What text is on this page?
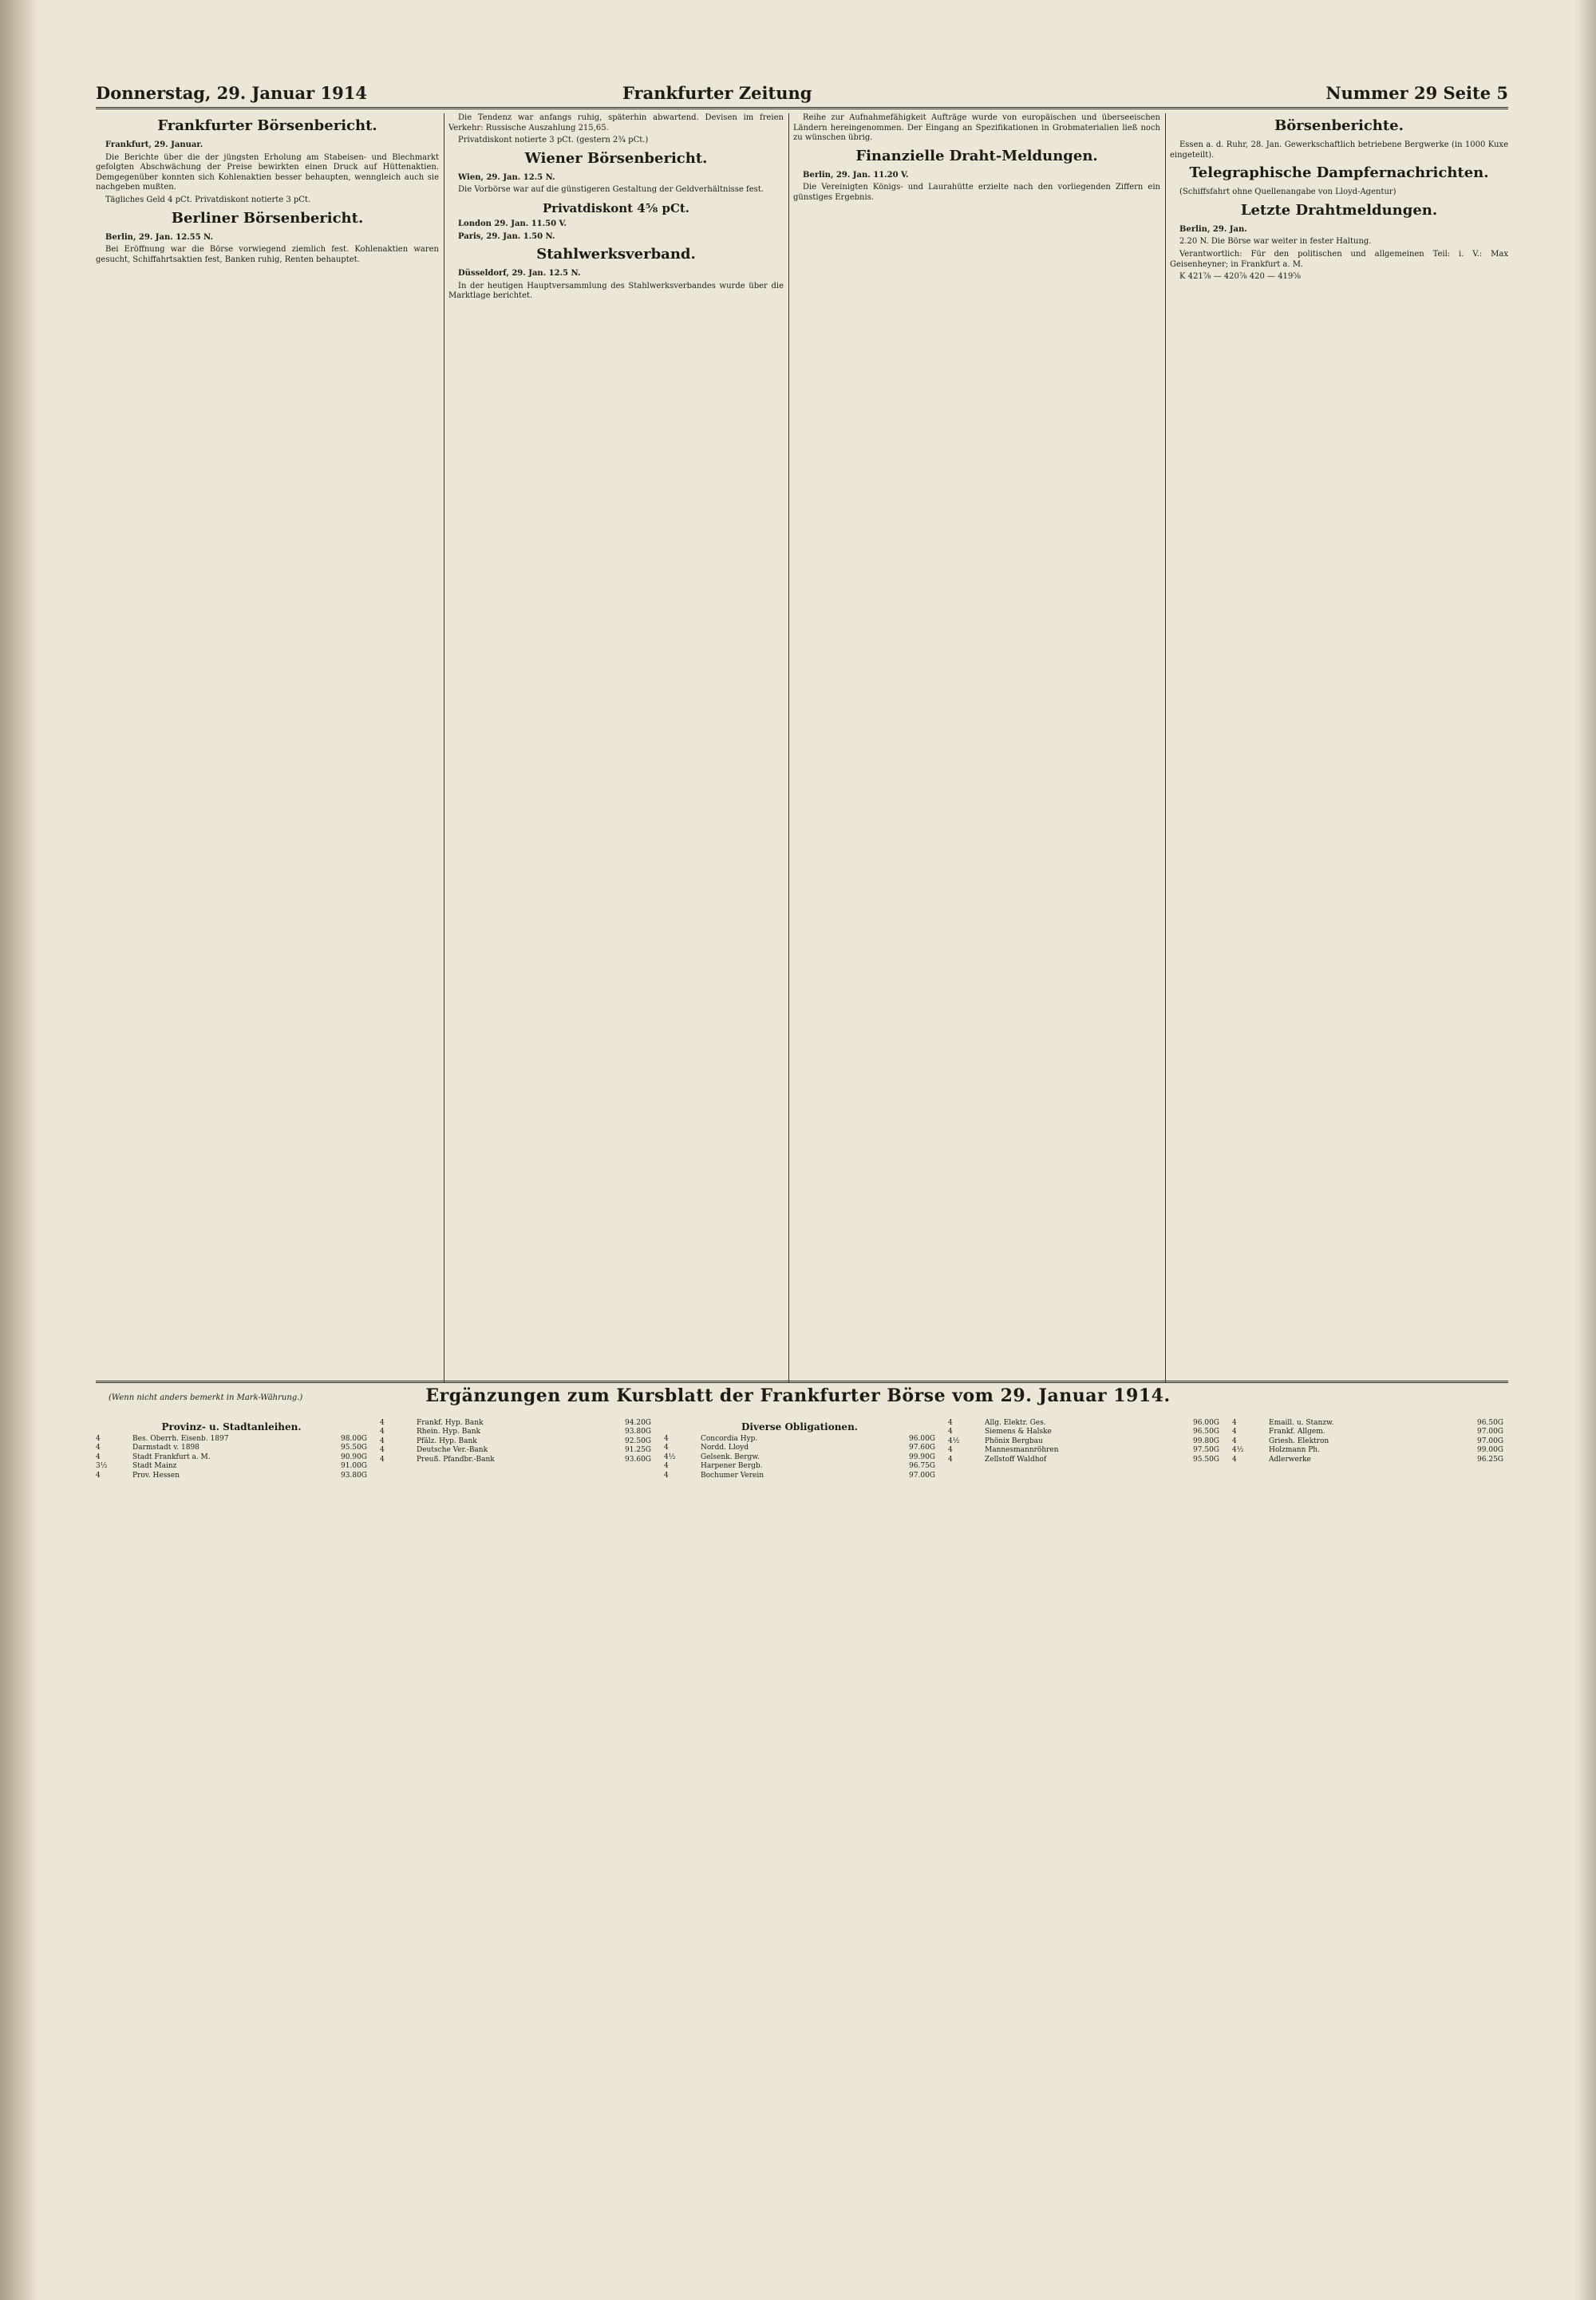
Donnerstag, 29. Januar 1914	Frankfurter Zeitung	Nummer 29 Seite 5
Frankfurter Börsenbericht.

Frankfurt, 29. Januar.

Die Berichte über die der jüngsten Erholung am Stabeisen- und Blechmarkt gefolgten Abschwächung der Preise bewirkten einen Druck auf Hüttenaktien. Demgegenüber konnten sich Kohlenaktien besser behaupten, wenngleich auch sie nachgeben mußten.

Tägliches Geld 4 pCt. Privatdiskont notierte 3 pCt.

Berliner Börsenbericht.

Berlin, 29. Jan. 12.55 N.

Bei Eröffnung war die Börse vorwiegend ziemlich fest. Kohlenaktien waren gesucht, Schiffahrtsaktien fest, Banken ruhig, Renten behauptet.

Die Tendenz war anfangs ruhig, späterhin abwartend. Devisen im freien Verkehr: Russische Auszahlung 215,65.

Privatdiskont notierte 3 pCt. (gestern 2¾ pCt.)

Wiener Börsenbericht.

Wien, 29. Jan. 12.5 N.

Die Vorbörse war auf die günstigeren Gestaltung der Geldverhältnisse fest.

Privatdiskont 4⅝ pCt.

London 29. Jan. 11.50 V.

Paris, 29. Jan. 1.50 N.

Stahlwerksverband.

Düsseldorf, 29. Jan. 12.5 N.

In der heutigen Hauptversammlung des Stahlwerksverbandes wurde über die Marktlage berichtet.

Reihe zur Aufnahmefähigkeit Aufträge wurde von europäischen und überseeischen Ländern hereingenommen. Der Eingang an Spezifikationen in Grobmaterialien ließ noch zu wünschen übrig.

Finanzielle Draht-Meldungen.

Berlin, 29. Jan. 11.20 V.

Die Vereinigten Königs- und Laurahütte erzielte nach den vorliegenden Ziffern ein günstiges Ergebnis.

Börsenberichte.

Essen a. d. Ruhr, 28. Jan. Gewerkschaftlich betriebene Bergwerke (in 1000 Kuxe eingeteilt).

Telegraphische Dampfernachrichten.

(Schiffsfahrt ohne Quellenangabe von Lloyd-Agentur)

Letzte Drahtmeldungen.

Berlin, 29. Jan.

2.20 N. Die Börse war weiter in fester Haltung.

Verantwortlich: Für den politischen und allgemeinen Teil: i. V.: Max Geisenheyner; in Frankfurt a. M.

K 421⅞ — 420⅞ 420 — 419⅝

(Wenn nicht anders bemerkt in Mark-Währung.)	Ergänzungen zum Kursblatt der Frankfurter Börse vom 29. Januar 1914.
Provinz- u. Stadtanleihen.
4	Bes. Oberrh. Eisenb. 1897	98.00G
4	Darmstadt v. 1898	95.50G
4	Stadt Frankfurt a. M.	90.90G
3½	Stadt Mainz	91.00G
4	Prov. Hessen	93.80G
4	Frankf. Hyp. Bank	94.20G
4	Rhein. Hyp. Bank	93.80G
4	Pfälz. Hyp. Bank	92.50G
4	Deutsche Ver.-Bank	91.25G
4	Preuß. Pfandbr.-Bank	93.60G
Diverse Obligationen.
4	Concordia Hyp.	96.00G
4	Nordd. Lloyd	97.60G
4½	Gelsenk. Bergw.	99.90G
4	Harpener Bergb.	96.75G
4	Bochumer Verein	97.00G
4	Allg. Elektr. Ges.	96.00G
4	Siemens & Halske	96.50G
4½	Phönix Bergbau	99.80G
4	Mannesmannröhren	97.50G
4	Zellstoff Waldhof	95.50G
4	Emaill. u. Stanzw.	96.50G
4	Frankf. Allgem.	97.00G
4	Griesh. Elektron	97.00G
4½	Holzmann Ph.	99.00G
4	Adlerwerke	96.25G
